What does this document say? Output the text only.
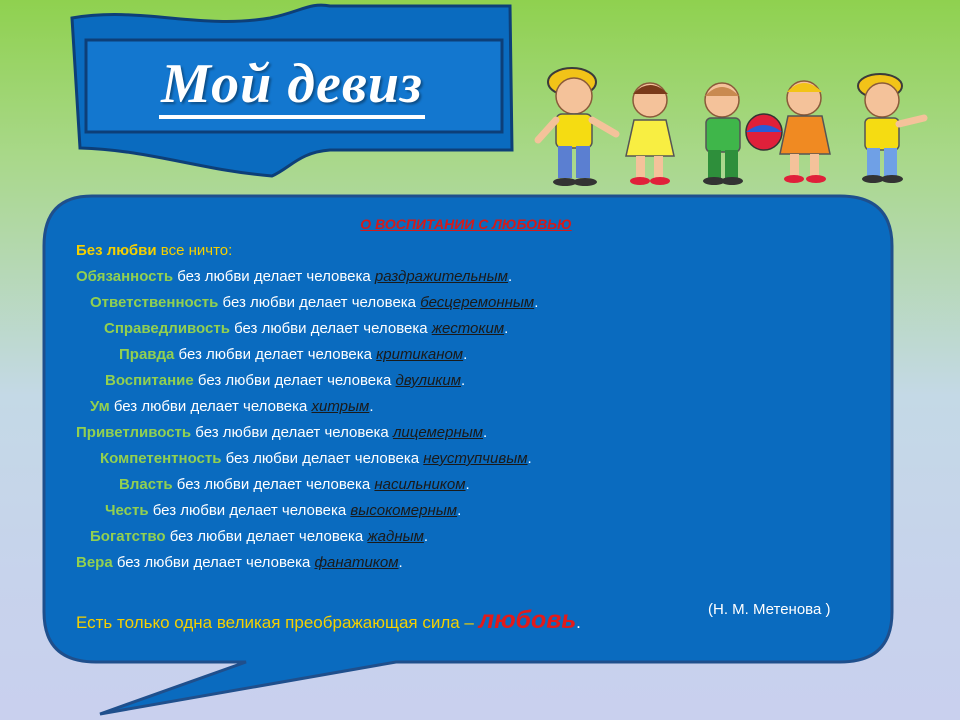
Мой девиз
О ВОСПИТАНИИ С ЛЮБОВЬЮ
Без любви все ничто:
Обязанность без любви делает человека раздражительным.
Ответственность без любви делает человека бесцеремонным.
Справедливость без любви делает человека жестоким.
Правда без любви делает человека критиканом.
Воспитание без любви делает человека двуликим.
Ум без любви делает человека хитрым.
Приветливость без любви делает человека лицемерным.
Компетентность без любви делает человека неуступчивым.
Власть без любви делает человека насильником.
Честь без любви делает человека высокомерным.
Богатство без любви делает человека жадным.
Вера без любви делает человека фанатиком.
Есть только одна великая преображающая сила – любовь.
(Н. М. Метенова )
